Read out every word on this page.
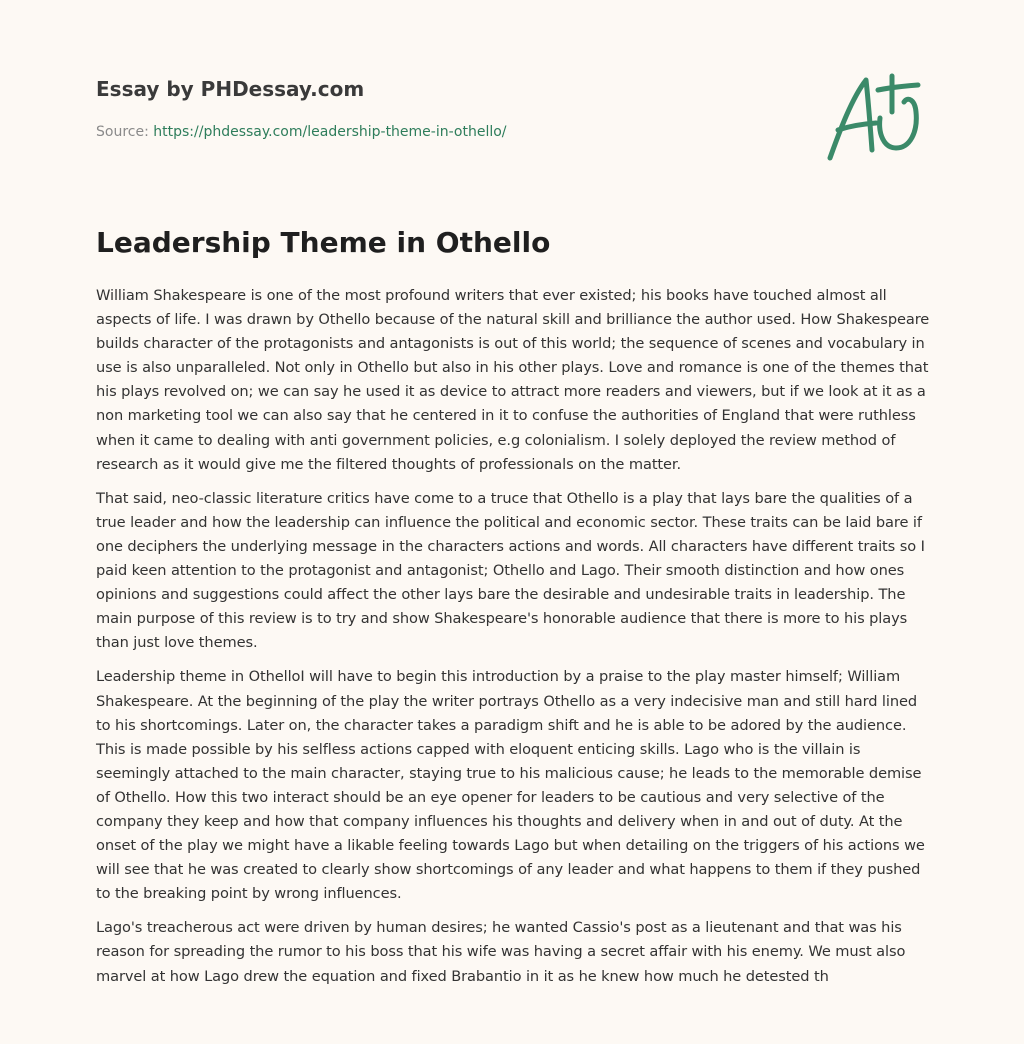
Essay by PHDessay.com
Source: https://phdessay.com/leadership-theme-in-othello/
Leadership Theme in Othello

William Shakespeare is one of the most profound writers that ever existed; his books have touched almost all aspects of life. I was drawn by Othello because of the natural skill and brilliance the author used. How Shakespeare builds character of the protagonists and antagonists is out of this world; the sequence of scenes and vocabulary in use is also unparalleled. Not only in Othello but also in his other plays. Love and romance is one of the themes that his plays revolved on; we can say he used it as device to attract more readers and viewers, but if we look at it as a non marketing tool we can also say that he centered in it to confuse the authorities of England that were ruthless when it came to dealing with anti government policies, e.g colonialism. I solely deployed the review method of research as it would give me the filtered thoughts of professionals on the matter.

That said, neo-classic literature critics have come to a truce that Othello is a play that lays bare the qualities of a true leader and how the leadership can influence the political and economic sector. These traits can be laid bare if one deciphers the underlying message in the characters actions and words. All characters have different traits so I paid keen attention to the protagonist and antagonist; Othello and Lago. Their smooth distinction and how ones opinions and suggestions could affect the other lays bare the desirable and undesirable traits in leadership. The main purpose of this review is to try and show Shakespeare's honorable audience that there is more to his plays than just love themes.

Leadership theme in OthelloI will have to begin this introduction by a praise to the play master himself; William Shakespeare. At the beginning of the play the writer portrays Othello as a very indecisive man and still hard lined to his shortcomings. Later on, the character takes a paradigm shift and he is able to be adored by the audience. This is made possible by his selfless actions capped with eloquent enticing skills. Lago who is the villain is seemingly attached to the main character, staying true to his malicious cause; he leads to the memorable demise of Othello. How this two interact should be an eye opener for leaders to be cautious and very selective of the company they keep and how that company influences his thoughts and delivery when in and out of duty. At the onset of the play we might have a likable feeling towards Lago but when detailing on the triggers of his actions we will see that he was created to clearly show shortcomings of any leader and what happens to them if they pushed to the breaking point by wrong influences.

Lago's treacherous act were driven by human desires; he wanted Cassio's post as a lieutenant and that was his reason for spreading the rumor to his boss that his wife was having a secret affair with his enemy. We must also marvel at how Lago drew the equation and fixed Brabantio in it as he knew how much he detested th
